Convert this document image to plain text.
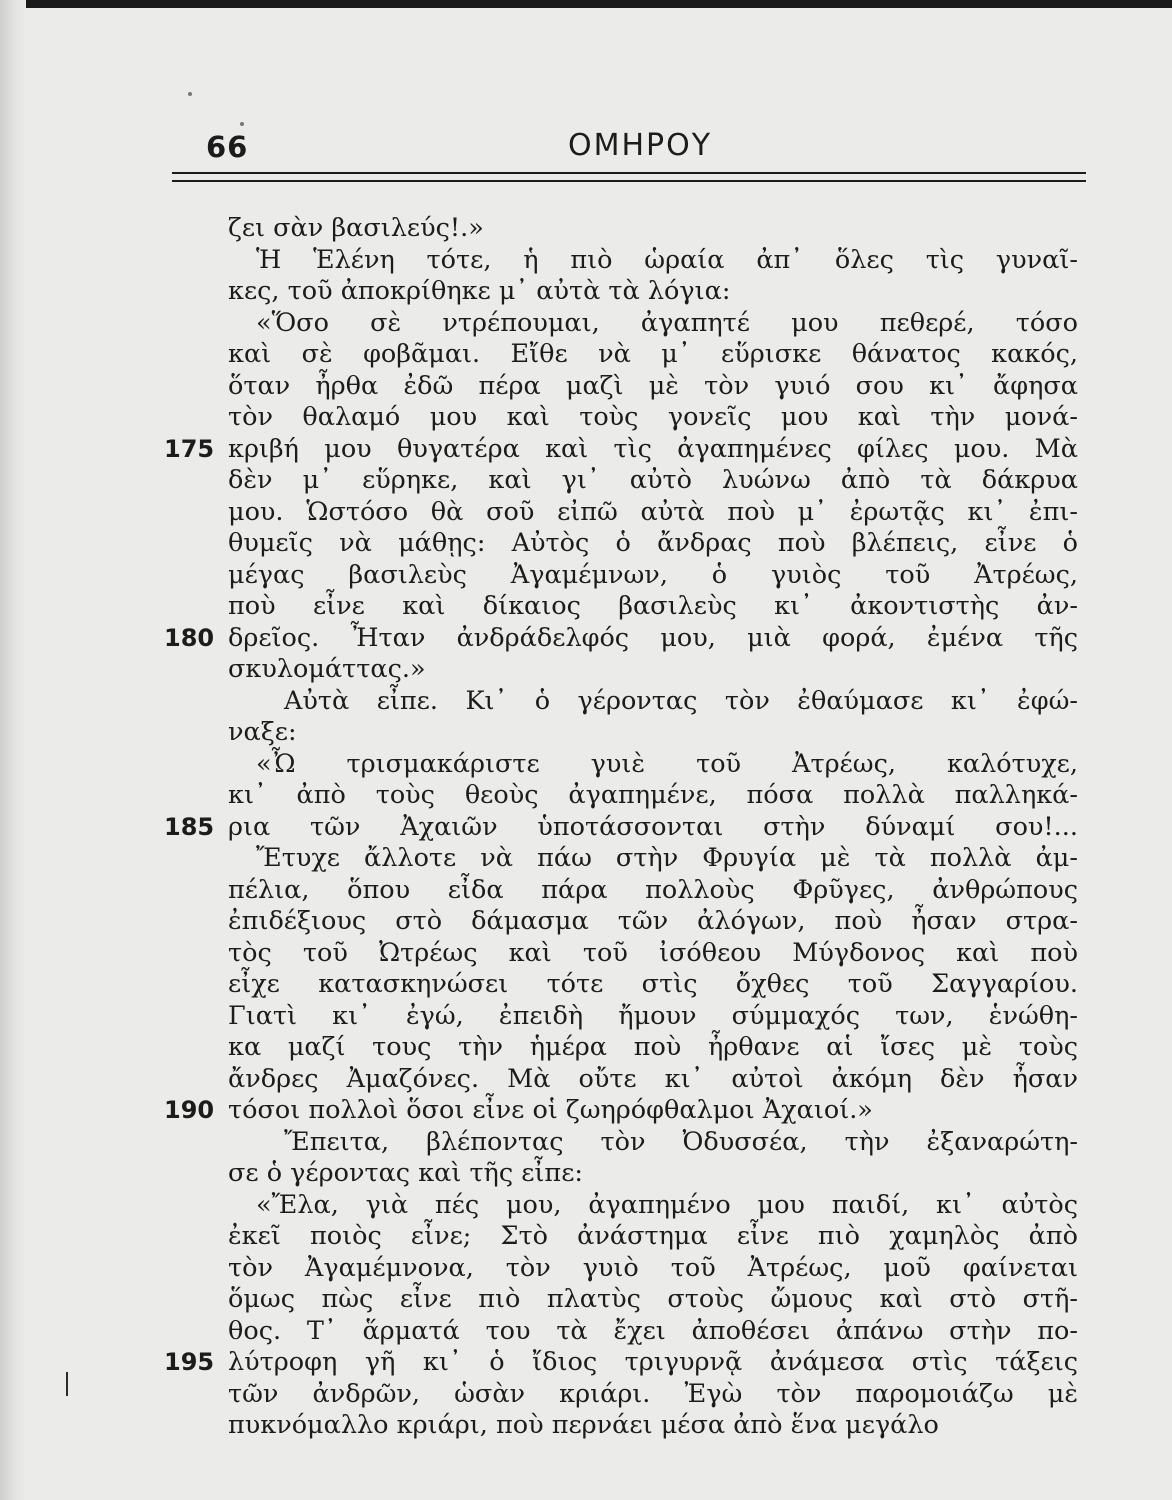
66	ΟΜΗΡΟΥ
ζει σὰν βασιλεύς!.»
Ἡ Ἑλένη τότε, ἡ πιὸ ὡραία ἀπ᾽ ὅλες τὶς γυναῖ-
κες, τοῦ ἀποκρίθηκε μ᾽ αὐτὰ τὰ λόγια:
«Ὅσο σὲ ντρέπουμαι, ἀγαπητέ μου πεθερέ, τόσο
καὶ σὲ φοβᾶμαι. Εἴθε νὰ μ᾽ εὕρισκε θάνατος κακός,
ὅταν ἦρθα ἐδῶ πέρα μαζὶ μὲ τὸν γυιό σου κι᾽ ἄφησα
τὸν θαλαμό μου καὶ τοὺς γονεῖς μου καὶ τὴν μονά-
175 κριβή μου θυγατέρα καὶ τὶς ἀγαπημένες φίλες μου. Μὰ
δὲν μ᾽ εὕρηκε, καὶ γι᾽ αὐτὸ λυώνω ἀπὸ τὰ δάκρυα
μου. Ὡστόσο θὰ σοῦ εἰπῶ αὐτὰ ποὺ μ᾽ ἐρωτᾷς κι᾽ ἐπι-
θυμεῖς νὰ μάθῃς: Αὐτὸς ὁ ἄνδρας ποὺ βλέπεις, εἶνε ὁ
μέγας βασιλεὺς Ἀγαμέμνων, ὁ γυιὸς τοῦ Ἀτρέως,
ποὺ εἶνε καὶ δίκαιος βασιλεὺς κι᾽ ἀκοντιστὴς ἀν-
180 δρεῖος. Ἦταν ἀνδράδελφός μου, μιὰ φορά, ἐμένα τῆς
σκυλομάττας.»
Αὐτὰ εἶπε. Κι᾽ ὁ γέροντας τὸν ἐθαύμασε κι᾽ ἐφώ-
ναξε:
«Ὦ τρισμακάριστε γυιὲ τοῦ Ἀτρέως, καλότυχε,
κι᾽ ἀπὸ τοὺς θεοὺς ἀγαπημένε, πόσα πολλὰ παλληκά-
185 ρια τῶν Ἀχαιῶν ὑποτάσσονται στὴν δύναμί σου!...
Ἔτυχε ἄλλοτε νὰ πάω στὴν Φρυγία μὲ τὰ πολλὰ ἀμ-
πέλια, ὅπου εἶδα πάρα πολλοὺς Φρῦγες, ἀνθρώπους
ἐπιδέξιους στὸ δάμασμα τῶν ἀλόγων, ποὺ ἦσαν στρα-
τὸς τοῦ Ὠτρέως καὶ τοῦ ἰσόθεου Μύγδονος καὶ ποὺ
εἶχε κατασκηνώσει τότε στὶς ὄχθες τοῦ Σαγγαρίου.
Γιατὶ κι᾽ ἐγώ, ἐπειδὴ ἤμουν σύμμαχός των, ἑνώθη-
κα μαζί τους τὴν ἡμέρα ποὺ ἦρθανε αἱ ἴσες μὲ τοὺς
ἄνδρες Ἀμαζόνες. Μὰ οὔτε κι᾽ αὐτοὶ ἀκόμη δὲν ἦσαν
190 τόσοι πολλοὶ ὅσοι εἶνε οἱ ζωηρόφθαλμοι Ἀχαιοί.»
Ἔπειτα, βλέποντας τὸν Ὀδυσσέα, τὴν ἐξαναρώτη-
σε ὁ γέροντας καὶ τῆς εἶπε:
«Ἔλα, γιὰ πές μου, ἀγαπημένο μου παιδί, κι᾽ αὐτὸς
ἐκεῖ ποιὸς εἶνε; Στὸ ἀνάστημα εἶνε πιὸ χαμηλὸς ἀπὸ
τὸν Ἀγαμέμνονα, τὸν γυιὸ τοῦ Ἀτρέως, μοῦ φαίνεται
ὅμως πὼς εἶνε πιὸ πλατὺς στοὺς ὤμους καὶ στὸ στῆ-
θος. Τ᾽ ἅρματά του τὰ ἔχει ἀποθέσει ἀπάνω στὴν πο-
195 λύτροφη γῆ κι᾽ ὁ ἴδιος τριγυρνᾷ ἀνάμεσα στὶς τάξεις
τῶν ἀνδρῶν, ὡσὰν κριάρι. Ἐγὼ τὸν παρομοιάζω μὲ
πυκνόμαλλο κριάρι, ποὺ περνάει μέσα ἀπὸ ἕνα μεγάλο
